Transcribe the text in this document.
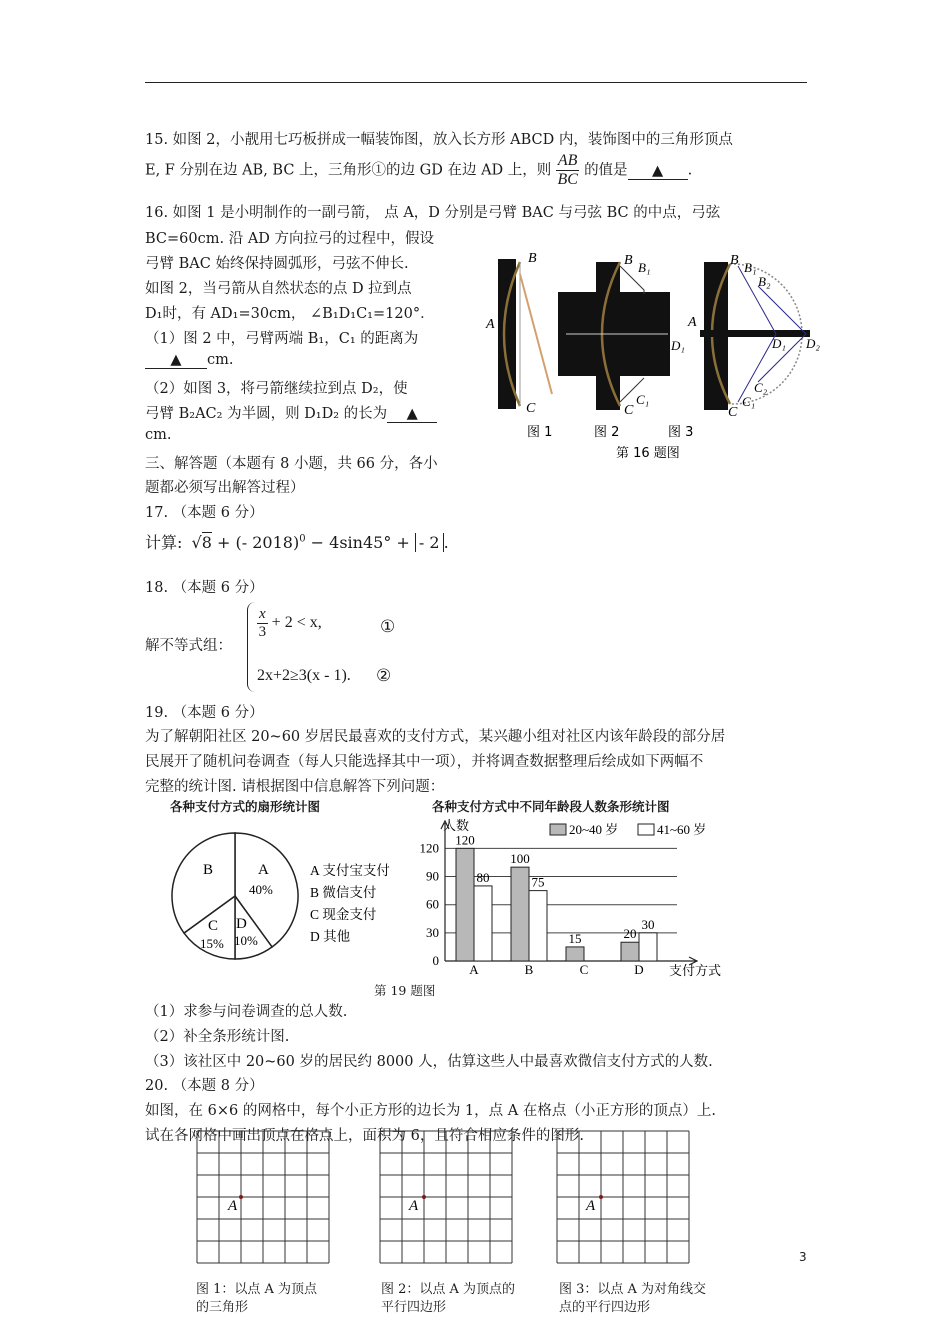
15. 如图 2，小靓用七巧板拼成一幅装饰图，放入长方形 ABCD 内，装饰图中的三角形顶点
E, F 分别在边 AB, BC 上，三角形①的边 GD 在边 AD 上，则 $\frac{AB}{BC}$ 的值是 ▲ .
16. 如图 1 是小明制作的一副弓箭， 点 A，D 分别是弓臂 BAC 与弓弦 BC 的中点，弓弦
BC=60cm. 沿 AD 方向拉弓的过程中，假设
弓臂 BAC 始终保持圆弧形，弓弦不伸长.
如图 2，当弓箭从自然状态的点 D 拉到点
D₁时，有 AD₁=30cm， ∠B₁D₁C₁=120°．
（1）图 2 中，弓臂两端 B₁，C₁ 的距离为
▲ cm.
（2）如图 3，将弓箭继续拉到点 D₂，使
弓臂 B₂AC₂ 为半圆，则 D₁D₂ 的长为 ▲
cm.
B
A
C
B B₁
D₁
C₁
C
B B₁
B₂
A
D₁ D₂
C₂
C₁
C
图 1	图 2	图 3
第 16 题图
三、解答题（本题有 8 小题，共 66 分，各小
题都必须写出解答过程）
17. （本题 6 分）
计算: √8 + (- 2018)$^0$ − 4sin45° + - 2 .
18. （本题 6 分）
解不等式组：
$\frac{x}{3} + 2 < x$,	①
2x+2≥3(x - 1). ②
19. （本题 6 分）
为了解朝阳社区 20~60 岁居民最喜欢的支付方式，某兴趣小组对社区内该年龄段的部分居
民展开了随机问卷调查（每人只能选择其中一项），并将调查数据整理后绘成如下两幅不
完整的统计图. 请根据图中信息解答下列问题：
各种支付方式的扇形统计图
B	A
40%
C
15%
D
10%
A 支付宝支付
B 微信支付
C 现金支付
D 其他
各种支付方式中不同年龄段人数条形统计图
0
30
60
90
120
120
80
A
100
75
B
15
C
20
30
D
人数	20~40 岁	41~60 岁
支付方式
第 19 题图
（1）求参与问卷调查的总人数.
（2）补全条形统计图.
（3）该社区中 20~60 岁的居民约 8000 人，估算这些人中最喜欢微信支付方式的人数.
20. （本题 8 分）
如图，在 6×6 的网格中，每个小正方形的边长为 1，点 A 在格点（小正方形的顶点）上.
试在各网格中画出顶点在格点上，面积为 6，且符合相应条件的图形.
A	A	A
图 1：以点 A 为顶点
的三角形
图 2：以点 A 为顶点的
平行四边形
图 3：以点 A 为对角线交
点的平行四边形
3
